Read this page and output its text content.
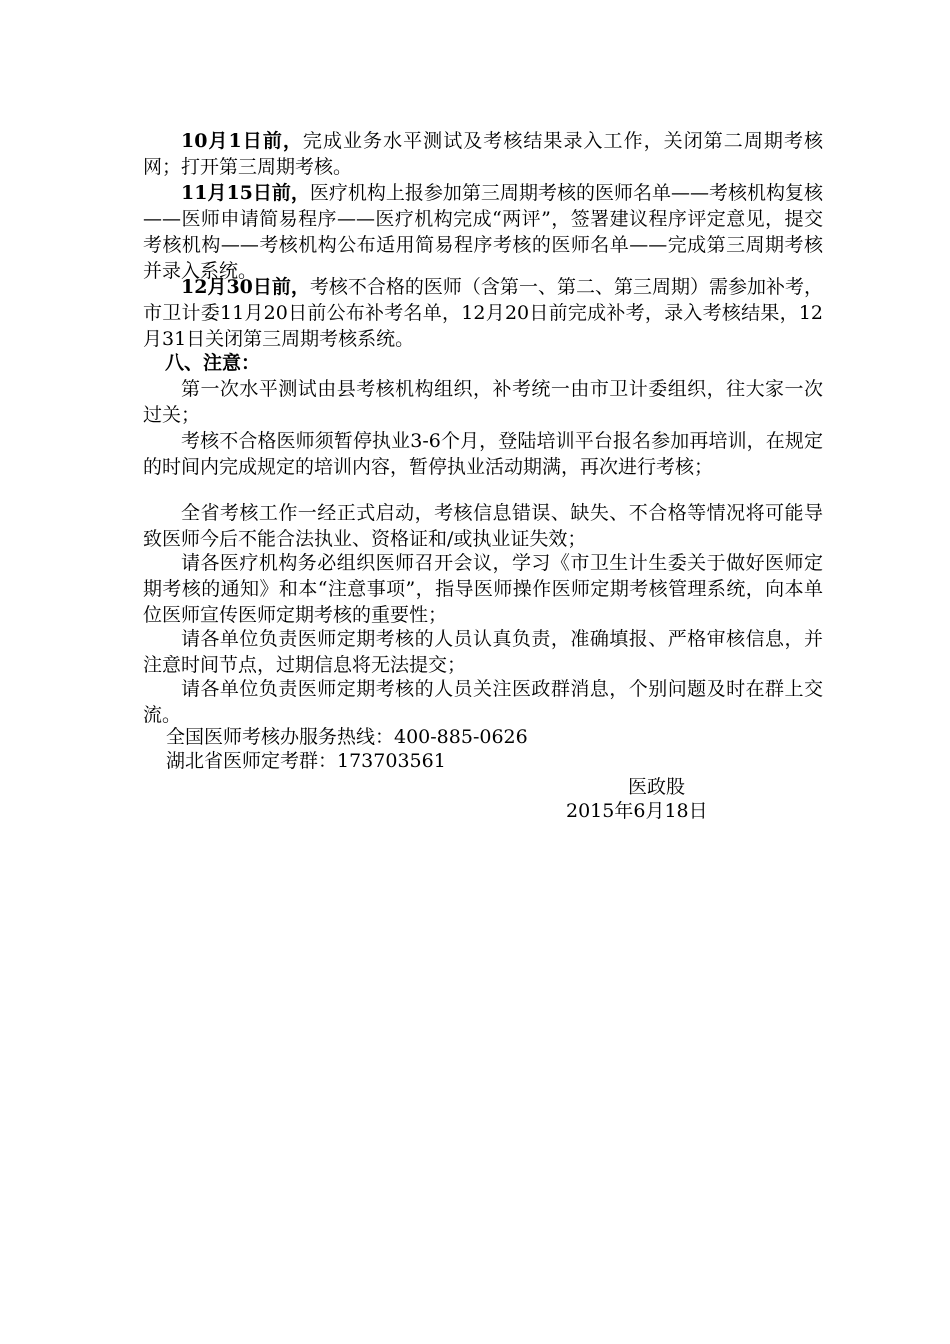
10月1日前，完成业务水平测试及考核结果录入工作，关闭第二周期考核网；打开第三周期考核。

11月15日前，医疗机构上报参加第三周期考核的医师名单——考核机构复核——医师申请简易程序——医疗机构完成“两评”，签署建议程序评定意见，提交考核机构——考核机构公布适用简易程序考核的医师名单——完成第三周期考核并录入系统。

12月30日前，考核不合格的医师（含第一、第二、第三周期）需参加补考，市卫计委11月20日前公布补考名单，12月20日前完成补考，录入考核结果，12月31日关闭第三周期考核系统。

八、注意：

第一次水平测试由县考核机构组织，补考统一由市卫计委组织，往大家一次过关；

考核不合格医师须暂停执业3-6个月，登陆培训平台报名参加再培训，在规定的时间内完成规定的培训内容，暂停执业活动期满，再次进行考核；

全省考核工作一经正式启动，考核信息错误、缺失、不合格等情况将可能导致医师今后不能合法执业、资格证和/或执业证失效；

请各医疗机构务必组织医师召开会议，学习《市卫生计生委关于做好医师定期考核的通知》和本“注意事项”，指导医师操作医师定期考核管理系统，向本单位医师宣传医师定期考核的重要性；

请各单位负责医师定期考核的人员认真负责，准确填报、严格审核信息，并注意时间节点，过期信息将无法提交；

请各单位负责医师定期考核的人员关注医政群消息，个别问题及时在群上交流。

全国医师考核办服务热线：400-885-0626

湖北省医师定考群：173703561

医政股

2015年6月18日
